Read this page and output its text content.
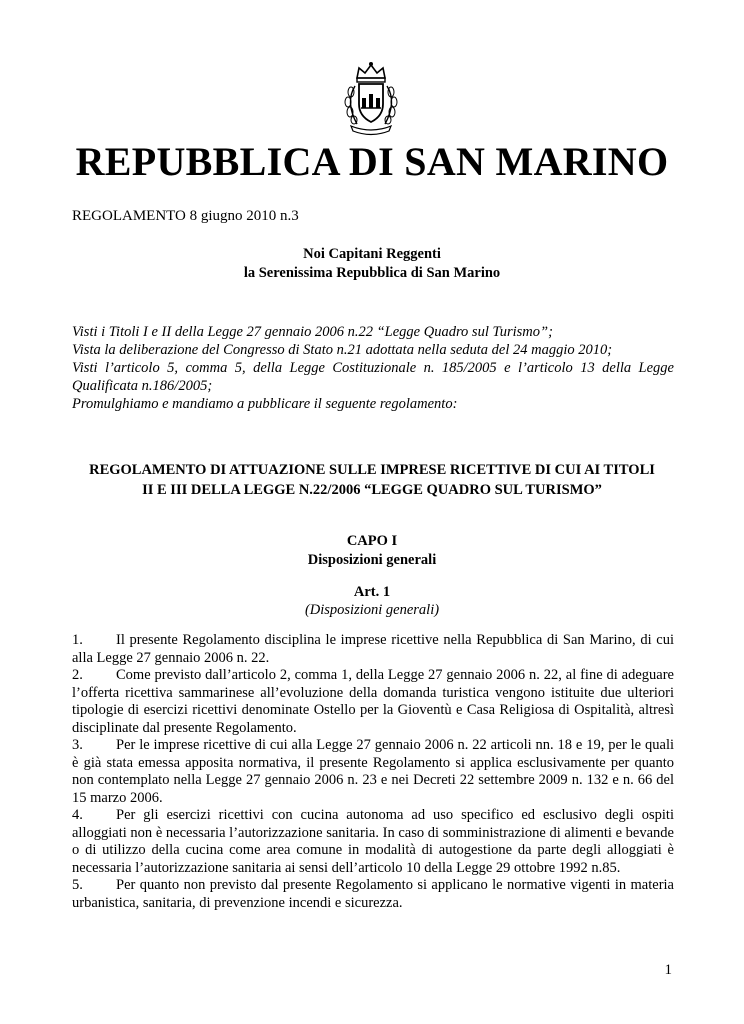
REPUBBLICA DI SAN MARINO
REGOLAMENTO 8 giugno 2010 n.3
Noi Capitani Reggenti
la Serenissima Repubblica di San Marino

Visti i Titoli I e II della Legge 27 gennaio 2006 n.22 “Legge Quadro sul Turismo”;

Vista la deliberazione del Congresso di Stato n.21 adottata nella seduta del 24 maggio 2010;

Visti l’articolo 5, comma 5, della Legge Costituzionale n. 185/2005 e l’articolo 13 della Legge Qualificata n.186/2005;

Promulghiamo e mandiamo a pubblicare il seguente regolamento:

REGOLAMENTO DI ATTUAZIONE SULLE IMPRESE RICETTIVE DI CUI AI TITOLI
II E III DELLA LEGGE N.22/2006 “LEGGE QUADRO SUL TURISMO”
CAPO I
Disposizioni generali
Art. 1
(Disposizioni generali)

1. Il presente Regolamento disciplina le imprese ricettive nella Repubblica di San Marino, di cui alla Legge 27 gennaio 2006 n. 22.

2. Come previsto dall’articolo 2, comma 1, della Legge 27 gennaio 2006 n. 22, al fine di adeguare l’offerta ricettiva sammarinese all’evoluzione della domanda turistica vengono istituite due ulteriori tipologie di esercizi ricettivi denominate Ostello per la Gioventù e Casa Religiosa di Ospitalità, altresì disciplinate dal presente Regolamento.

3. Per le imprese ricettive di cui alla Legge 27 gennaio 2006 n. 22 articoli nn. 18 e 19, per le quali è già stata emessa apposita normativa, il presente Regolamento si applica esclusivamente per quanto non contemplato nella Legge 27 gennaio 2006 n. 23 e nei Decreti 22 settembre 2009 n. 132 e n. 66 del 15 marzo 2006.

4. Per gli esercizi ricettivi con cucina autonoma ad uso specifico ed esclusivo degli ospiti alloggiati non è necessaria l’autorizzazione sanitaria. In caso di somministrazione di alimenti e bevande o di utilizzo della cucina come area comune in modalità di autogestione da parte degli alloggiati è necessaria l’autorizzazione sanitaria ai sensi dell’articolo 10 della Legge 29 ottobre 1992 n.85.

5. Per quanto non previsto dal presente Regolamento si applicano le normative vigenti in materia urbanistica, sanitaria, di prevenzione incendi e sicurezza.

1
